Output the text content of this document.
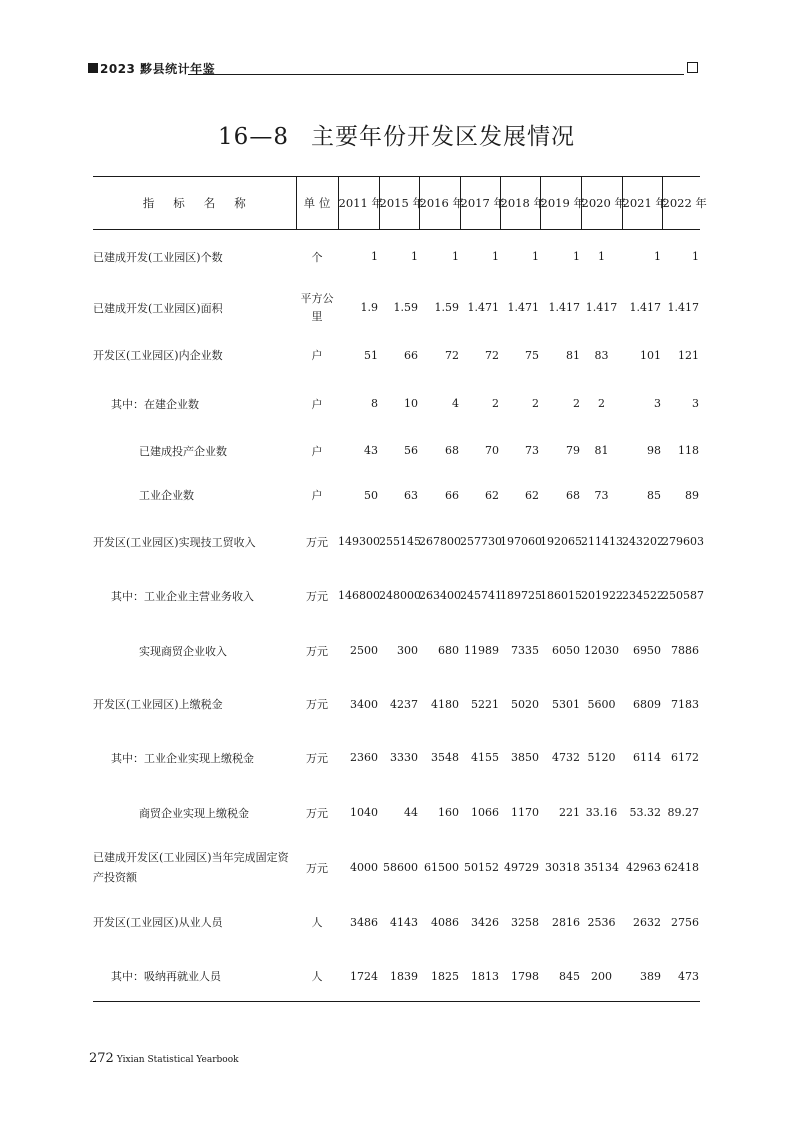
2023 黟县统计年鉴
16—8 主要年份开发区发展情况
指标名称	单 位	2011 年	2015 年	2016 年	2017 年	2018 年	2019 年	2020 年	2021 年	2022 年
已建成开发(工业园区)个数	个	1	1	1	1	1	1	1	1	1
已建成开发(工业园区)面积	平方公里	1.9	1.59	1.59	1.471	1.471	1.417	1.417	1.417	1.417
开发区(工业园区)内企业数	户	51	66	72	72	75	81	83	101	121
其中：在建企业数	户	8	10	4	2	2	2	2	3	3
已建成投产企业数	户	43	56	68	70	73	79	81	98	118
工业企业数	户	50	63	66	62	62	68	73	85	89
开发区(工业园区)实现技工贸收入	万元	149300	255145	267800	257730	197060	192065	211413	243202	279603
其中：工业企业主营业务收入	万元	146800	248000	263400	245741	189725	186015	201922	234522	250587
实现商贸企业收入	万元	2500	300	680	11989	7335	6050	12030	6950	7886
开发区(工业园区)上缴税金	万元	3400	4237	4180	5221	5020	5301	5600	6809	7183
其中：工业企业实现上缴税金	万元	2360	3330	3548	4155	3850	4732	5120	6114	6172
商贸企业实现上缴税金	万元	1040	44	160	1066	1170	221	33.16	53.32	89.27
已建成开发区(工业园区)当年完成固定资产投资额	万元	4000	58600	61500	50152	49729	30318	35134	42963	62418
开发区(工业园区)从业人员	人	3486	4143	4086	3426	3258	2816	2536	2632	2756
其中：吸纳再就业人员	人	1724	1839	1825	1813	1798	845	200	389	473
272 Yixian Statistical Yearbook
